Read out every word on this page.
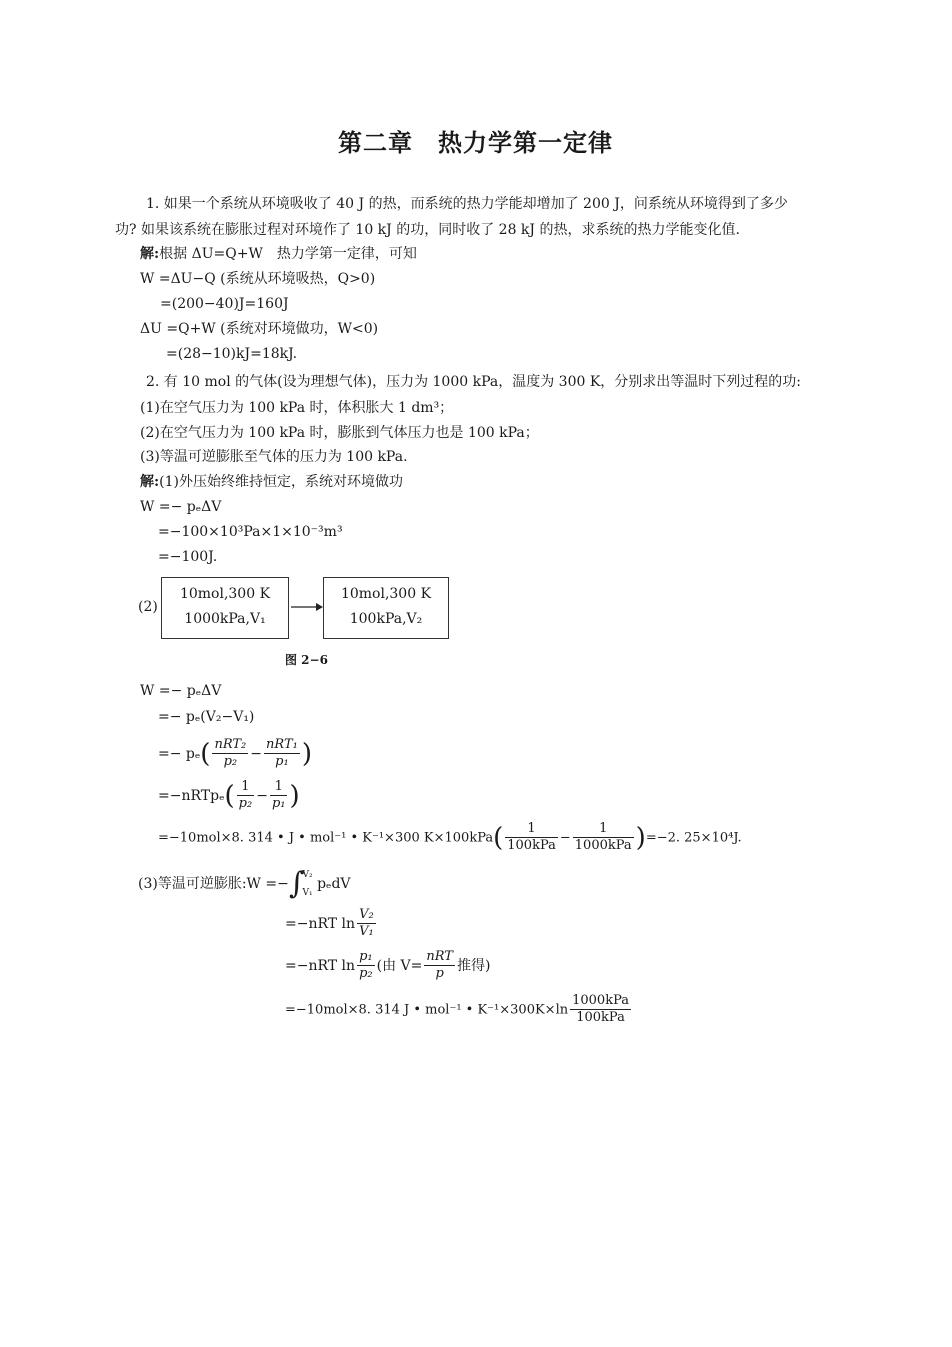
第二章　热力学第一定律
1. 如果一个系统从环境吸收了 40 J 的热，而系统的热力学能却增加了 200 J，问系统从环境得到了多少
功? 如果该系统在膨胀过程对环境作了 10 kJ 的功，同时收了 28 kJ 的热，求系统的热力学能变化值.
解:根据 ΔU=Q+W　热力学第一定律，可知
W =ΔU−Q (系统从环境吸热，Q>0)
=(200−40)J=160J
ΔU =Q+W (系统对环境做功，W<0)
=(28−10)kJ=18kJ.
2. 有 10 mol 的气体(设为理想气体)，压力为 1000 kPa，温度为 300 K，分别求出等温时下列过程的功:
(1)在空气压力为 100 kPa 时，体积胀大 1 dm³；
(2)在空气压力为 100 kPa 时，膨胀到气体压力也是 100 kPa；
(3)等温可逆膨胀至气体的压力为 100 kPa.
解:(1)外压始终维持恒定，系统对环境做功
W =− pₑΔV
=−100×10³Pa×1×10⁻³m³
=−100J.
(2)
10mol,300 K
1000kPa,V₁
10mol,300 K
100kPa,V₂
图 2−6
W =− pₑΔV
=− pₑ(V₂−V₁)
=− $p_e( \frac{\text{nRT₂}}{\text{p₂}} - \frac{\text{nRT₁}}{\text{p₁}}$ )
=−nRTpₑ( $\frac{1}{\text{p₂}} - \frac{1}{\text{p₁}}$ )
=−10mol×8. 314 • J • mol⁻¹ • K⁻¹×300 $K\times 100kPa( \frac{1}{\text{100kPa}} - \frac{1}{\text{1000kPa}} )=-2$. 25×10⁴J.
(3)等温可逆膨胀:W =−∫
V₂
V₁
pₑdV
=−nRT $\ln \frac{\text{V₂}}{\text{V₁}}$
=−nRT $\ln \frac{\text{p₁}}{\text{p₂}}$ (由 $V= \frac{\text{nRT}}{p}$ 推得)
=−10mol×8. 314 J • mol⁻¹ • $K^{-1}\times 300K\times\ln \frac{\text{1000kPa}}{\text{100kPa}}$
